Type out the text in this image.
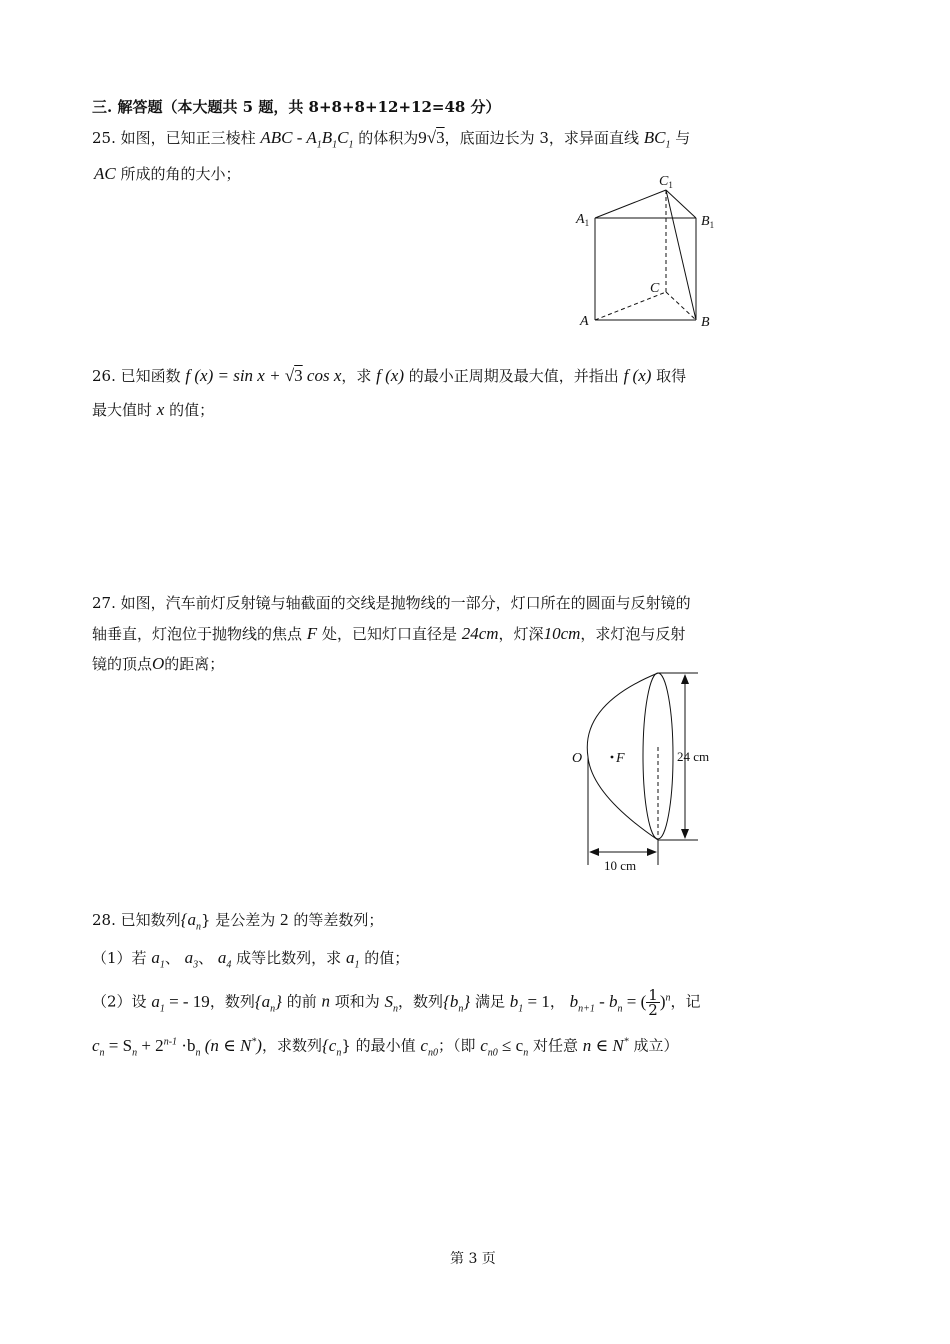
三. 解答题（本大题共 5 题，共 8+8+8+12+12=48 分）
25. 如图，已知正三棱柱 ABC - $A_1B_1C_1$ 的体积为9√3，底面边长为 3，求异面直线 $BC_1$ 与
AC 所成的角的大小；	$C_1$
$A_1$	$B_1$
C
A	B
26. 已知函数 f (x) = sin x + √3 cos x，求 f (x) 的最小正周期及最大值，并指出 f (x) 取得
最大值时 x 的值；
27. 如图，汽车前灯反射镜与轴截面的交线是抛物线的一部分，灯口所在的圆面与反射镜的
轴垂直，灯泡位于抛物线的焦点 F 处，已知灯口直径是 24cm，灯深10cm，求灯泡与反射
镜的顶点O的距离；
O F	24 cm
10 cm
28. 已知数列$\{a_n\}$ 是公差为 2 的等差数列；
（1）若 $a_1$、 $a_3$、 $a_4$ 成等比数列，求 $a_1$ 的值；
（2）设 $a_1$ = - 19，数列$\{a_n\}$ 的前 n 项和为 $S_n$，数列$\{b_n\}$ 满足 $b_1 = 1$， $b_{n+1} - b_n$ = ( $\frac{1}{2} )^n$，记
$c_n = S_n + 2^{n-1} \cdot b_n$ (n ∈ N*)，求数列$\{c_n\}$ 的最小值 $c_{n0}$；（即 $c_{n0} \le c_n$ 对任意 n ∈ N* 成立）
第 3 页
